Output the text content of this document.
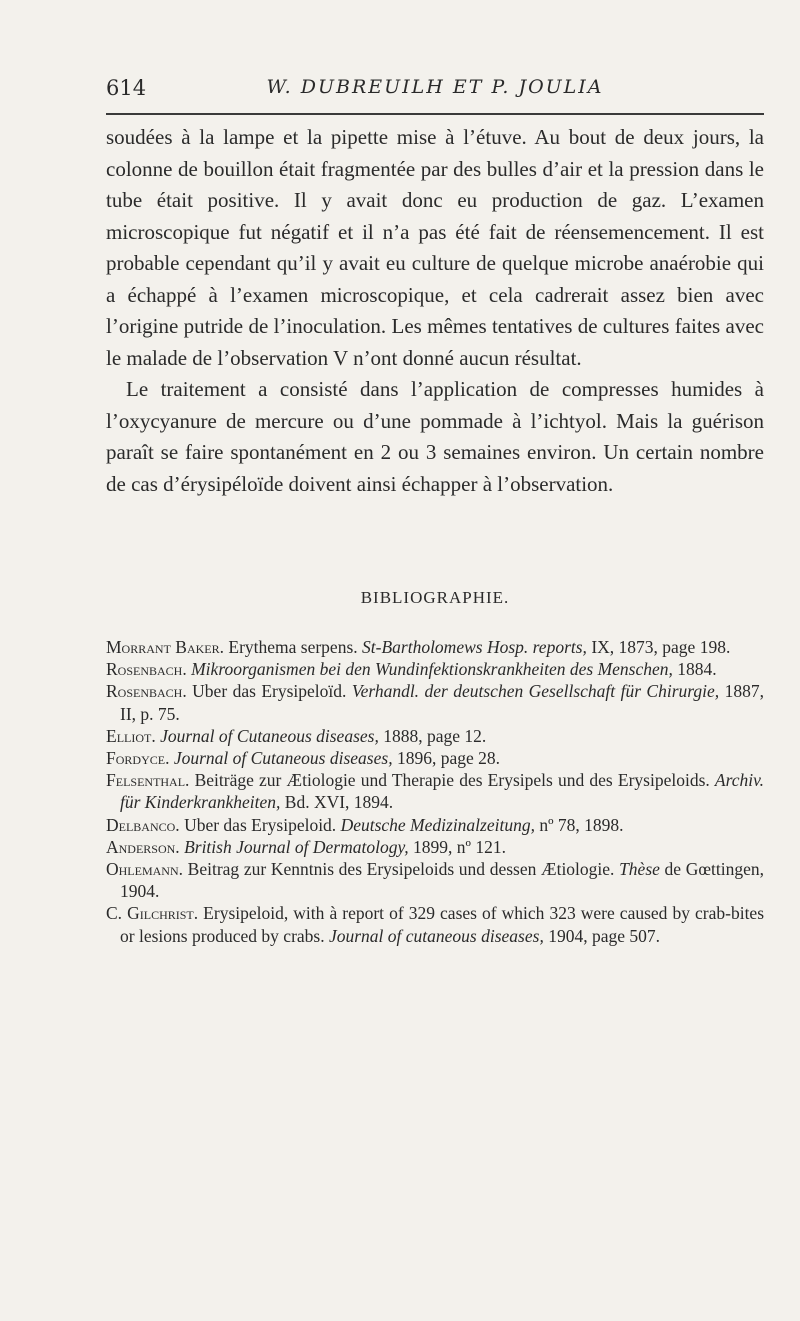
614	W. DUBREUILH ET P. JOULIA

soudées à la lampe et la pipette mise à l’étuve. Au bout de deux jours, la colonne de bouillon était fragmentée par des bulles d’air et la pression dans le tube était positive. Il y avait donc eu production de gaz. L’examen microscopique fut négatif et il n’a pas été fait de réensemencement. Il est probable cependant qu’il y avait eu culture de quelque microbe anaérobie qui a échappé à l’examen microscopique, et cela cadrerait assez bien avec l’origine putride de l’inoculation. Les mêmes tentatives de cultures faites avec le malade de l’observation V n’ont donné aucun résultat.

Le traitement a consisté dans l’application de compresses humides à l’oxycyanure de mercure ou d’une pommade à l’ichtyol. Mais la guérison paraît se faire spontanément en 2 ou 3 semaines environ. Un certain nombre de cas d’érysipéloïde doivent ainsi échapper à l’observation.

BIBLIOGRAPHIE.

Morrant Baker. Erythema serpens. St-Bartholomews Hosp. reports, IX, 1873, page 198.

Rosenbach. Mikroorganismen bei den Wundinfektionskrankheiten des Menschen, 1884.

Rosenbach. Uber das Erysipeloïd. Verhandl. der deutschen Gesellschaft für Chirurgie, 1887, II, p. 75.

Elliot. Journal of Cutaneous diseases, 1888, page 12.

Fordyce. Journal of Cutaneous diseases, 1896, page 28.

Felsenthal. Beiträge zur Ætiologie und Therapie des Erysipels und des Erysipeloids. Archiv. für Kinderkrankheiten, Bd. XVI, 1894.

Delbanco. Uber das Erysipeloid. Deutsche Medizinalzeitung, nº 78, 1898.

Anderson. British Journal of Dermatology, 1899, nº 121.

Ohlemann. Beitrag zur Kenntnis des Erysipeloids und dessen Ætiologie. Thèse de Gœttingen, 1904.

C. Gilchrist. Erysipeloid, with à report of 329 cases of which 323 were caused by crab-bites or lesions produced by crabs. Journal of cutaneous diseases, 1904, page 507.
